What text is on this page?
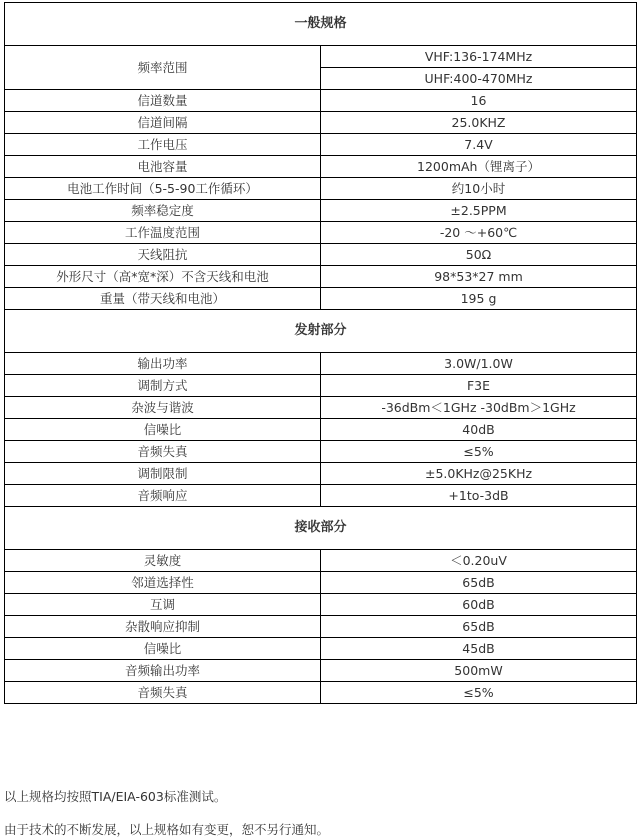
一般规格	
频率范围	VHF:136-174MHz
	UHF:400-470MHz
信道数量	16
信道间隔	25.0KHZ
工作电压	7.4V
电池容量	1200mAh（锂离子）
电池工作时间（5-5-90工作循环）	约10小时
频率稳定度	±2.5PPM
工作温度范围	-20 ～+60℃
天线阻抗	50Ω
外形尺寸（高*宽*深）不含天线和电池	98*53*27 mm
重量（带天线和电池）	195 g
发射部分	
输出功率	3.0W/1.0W
调制方式	F3E
杂波与谐波	-36dBm＜1GHz -30dBm＞1GHz
信噪比	40dB
音频失真	≤5%
调制限制	±5.0KHz@25KHz
音频响应	+1to-3dB
接收部分	
灵敏度	＜0.20uV
邻道选择性	65dB
互调	60dB
杂散响应抑制	65dB
信噪比	45dB
音频输出功率	500mW
音频失真	≤5%
以上规格均按照TIA/EIA-603标准测试。
由于技术的不断发展，以上规格如有变更，恕不另行通知。
